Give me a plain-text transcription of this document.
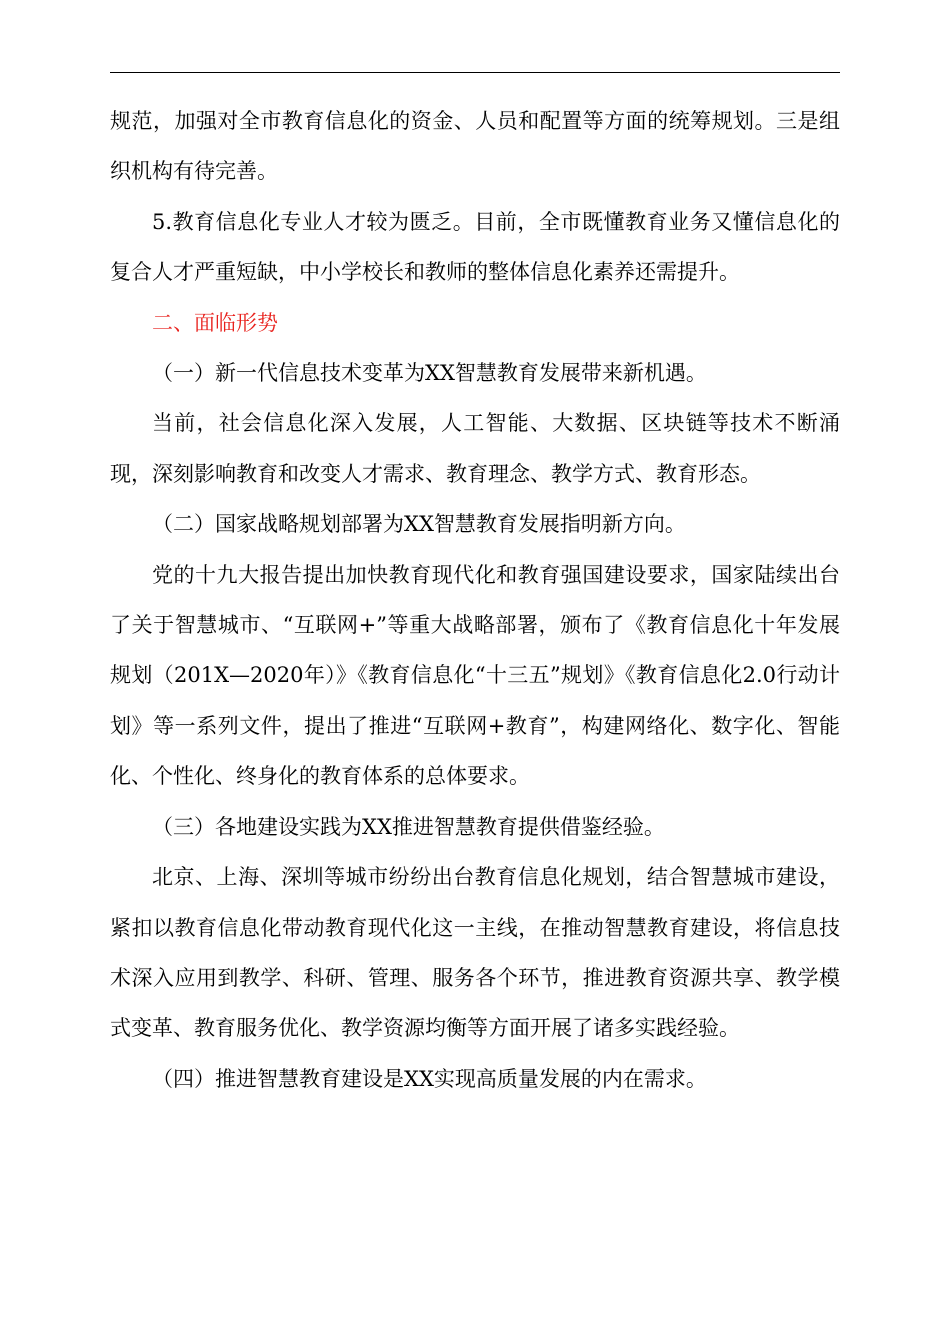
规范，加强对全市教育信息化的资金、人员和配置等方面的统筹规划。三是组织机构有待完善。

5.教育信息化专业人才较为匮乏。目前，全市既懂教育业务又懂信息化的复合人才严重短缺，中小学校长和教师的整体信息化素养还需提升。

二、面临形势

（一）新一代信息技术变革为XX智慧教育发展带来新机遇。

当前，社会信息化深入发展，人工智能、大数据、区块链等技术不断涌现，深刻影响教育和改变人才需求、教育理念、教学方式、教育形态。

（二）国家战略规划部署为XX智慧教育发展指明新方向。

党的十九大报告提出加快教育现代化和教育强国建设要求，国家陆续出台了关于智慧城市、“互联网+”等重大战略部署，颁布了《教育信息化十年发展规划（201X—2020年）》《教育信息化“十三五”规划》《教育信息化2.0行动计划》等一系列文件，提出了推进“互联网+教育”，构建网络化、数字化、智能化、个性化、终身化的教育体系的总体要求。

（三）各地建设实践为XX推进智慧教育提供借鉴经验。

北京、上海、深圳等城市纷纷出台教育信息化规划，结合智慧城市建设，紧扣以教育信息化带动教育现代化这一主线，在推动智慧教育建设，将信息技术深入应用到教学、科研、管理、服务各个环节，推进教育资源共享、教学模式变革、教育服务优化、教学资源均衡等方面开展了诸多实践经验。

（四）推进智慧教育建设是XX实现高质量发展的内在需求。
